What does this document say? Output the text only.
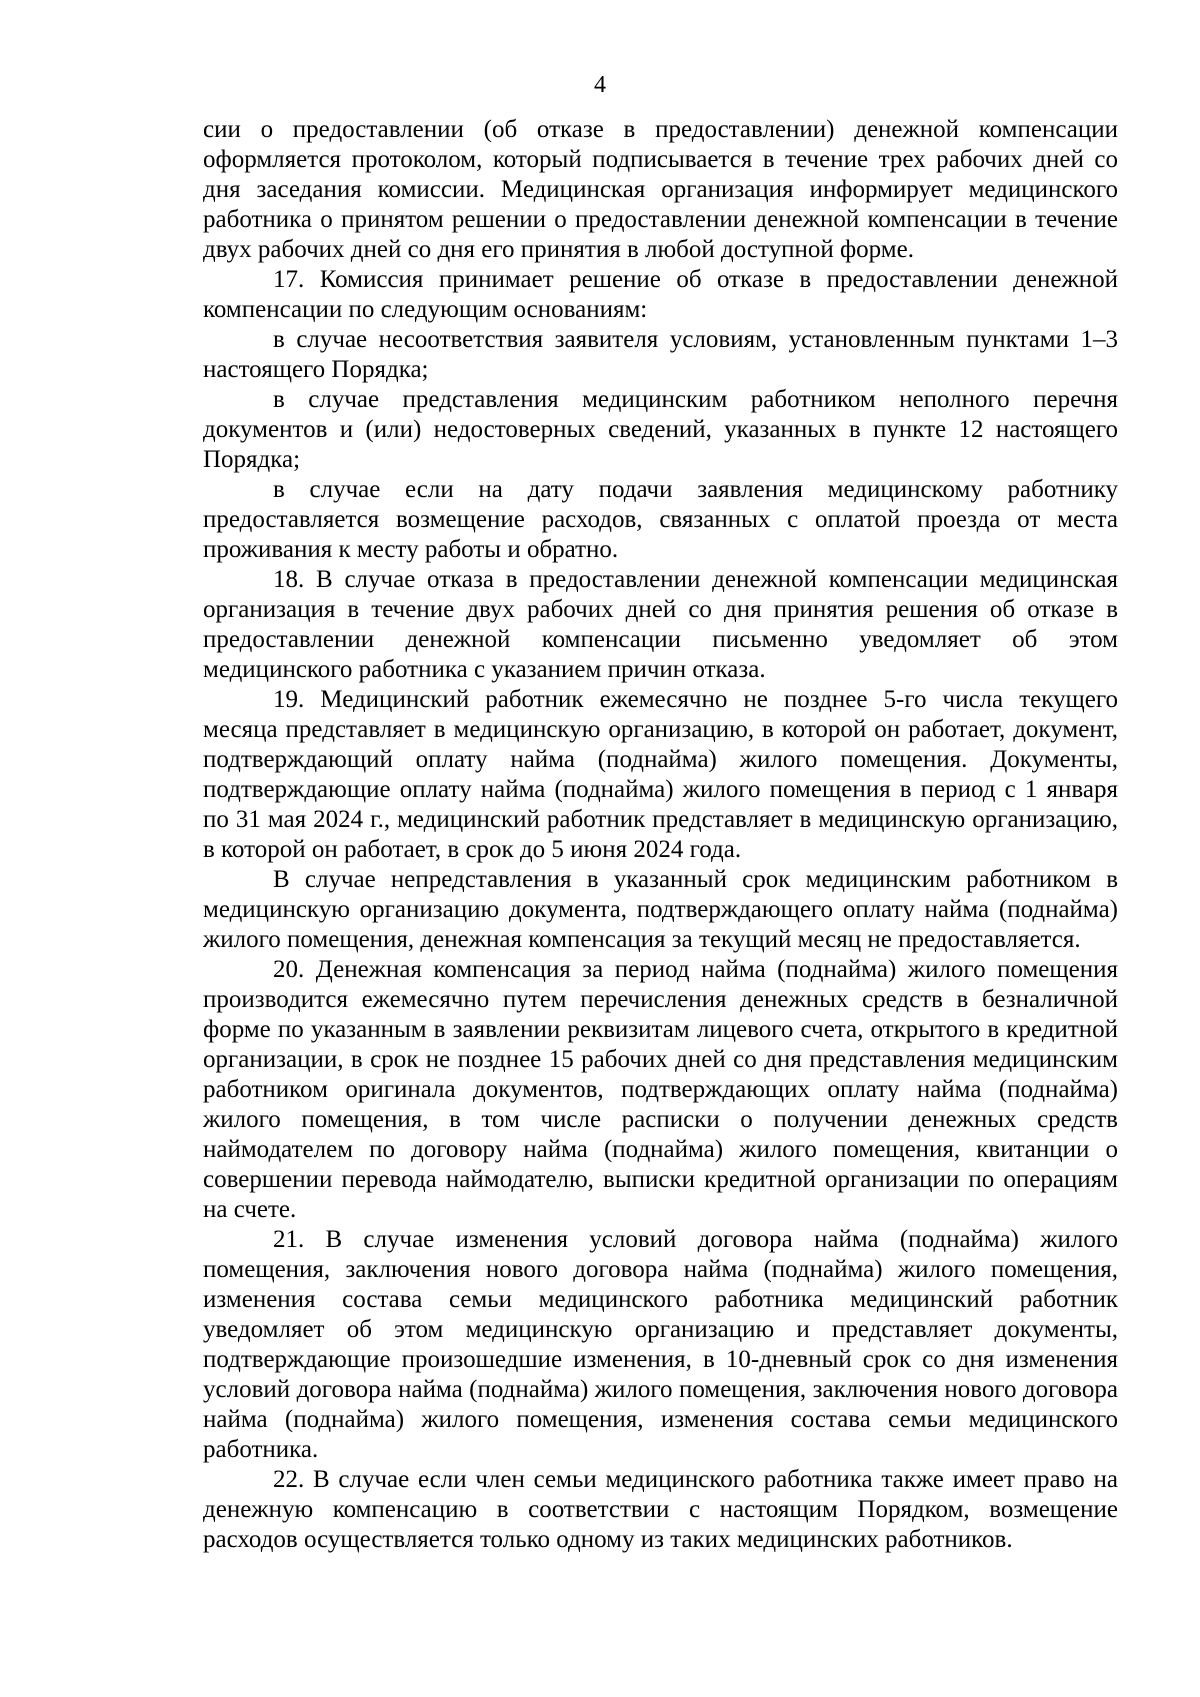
4

сии о предоставлении (об отказе в предоставлении) денежной компенсации оформляется протоколом, который подписывается в течение трех рабочих дней со дня заседания комиссии. Медицинская организация информирует медицинского работника о принятом решении о предоставлении денежной компенсации в течение двух рабочих дней со дня его принятия в любой доступной форме.

17. Комиссия принимает решение об отказе в предоставлении денежной компенсации по следующим основаниям:

в случае несоответствия заявителя условиям, установленным пунктами 1–3 настоящего Порядка;

в случае представления медицинским работником неполного перечня документов и (или) недостоверных сведений, указанных в пункте 12 настоящего Порядка;

в случае если на дату подачи заявления медицинскому работнику предоставляется возмещение расходов, связанных с оплатой проезда от места проживания к месту работы и обратно.

18. В случае отказа в предоставлении денежной компенсации медицинская организация в течение двух рабочих дней со дня принятия решения об отказе в предоставлении денежной компенсации письменно уведомляет об этом медицинского работника с указанием причин отказа.

19. Медицинский работник ежемесячно не позднее 5-го числа текущего месяца представляет в медицинскую организацию, в которой он работает, документ, подтверждающий оплату найма (поднайма) жилого помещения. Документы, подтверждающие оплату найма (поднайма) жилого помещения в период с 1 января по 31 мая 2024 г., медицинский работник представляет в медицинскую организацию, в которой он работает, в срок до 5 июня 2024 года.

В случае непредставления в указанный срок медицинским работником в медицинскую организацию документа, подтверждающего оплату найма (поднайма) жилого помещения, денежная компенсация за текущий месяц не предоставляется.

20. Денежная компенсация за период найма (поднайма) жилого помещения производится ежемесячно путем перечисления денежных средств в безналичной форме по указанным в заявлении реквизитам лицевого счета, открытого в кредитной организации, в срок не позднее 15 рабочих дней со дня представления медицинским работником оригинала документов, подтверждающих оплату найма (поднайма) жилого помещения, в том числе расписки о получении денежных средств наймодателем по договору найма (поднайма) жилого помещения, квитанции о совершении перевода наймодателю, выписки кредитной организации по операциям на счете.

21. В случае изменения условий договора найма (поднайма) жилого помещения, заключения нового договора найма (поднайма) жилого помещения, изменения состава семьи медицинского работника медицинский работник уведомляет об этом медицинскую организацию и представляет документы, подтверждающие произошедшие изменения, в 10-дневный срок со дня изменения условий договора найма (поднайма) жилого помещения, заключения нового договора найма (поднайма) жилого помещения, изменения состава семьи медицинского работника.

22. В случае если член семьи медицинского работника также имеет право на денежную компенсацию в соответствии с настоящим Порядком, возмещение расходов осуществляется только одному из таких медицинских работников.
